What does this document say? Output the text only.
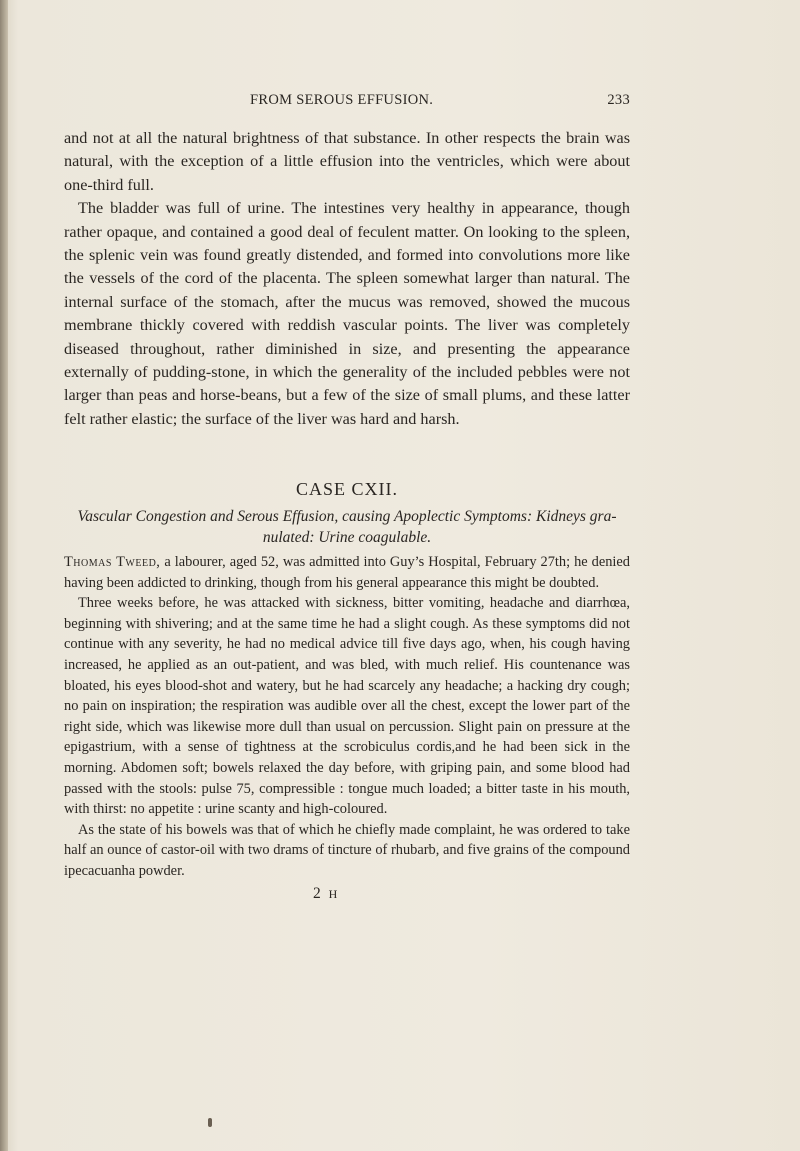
FROM SEROUS EFFUSION.	233

and not at all the natural brightness of that substance. In other respects the brain was natural, with the exception of a little effusion into the ventricles, which were about one-third full.

The bladder was full of urine. The intestines very healthy in appearance, though rather opaque, and contained a good deal of feculent matter. On looking to the spleen, the splenic vein was found greatly distended, and formed into convolutions more like the vessels of the cord of the placenta. The spleen somewhat larger than natural. The internal surface of the stomach, after the mucus was removed, showed the mucous membrane thickly covered with reddish vascular points. The liver was completely diseased throughout, rather diminished in size, and presenting the appearance externally of pudding-stone, in which the generality of the included pebbles were not larger than peas and horse-beans, but a few of the size of small plums, and these latter felt rather elastic; the surface of the liver was hard and harsh.

CASE CXII.
Vascular Congestion and Serous Effusion, causing Apoplectic Symptoms: Kidneys gra-
nulated: Urine coagulable.

Thomas Tweed, a labourer, aged 52, was admitted into Guy’s Hospital, February 27th; he denied having been addicted to drinking, though from his general appearance this might be doubted.

Three weeks before, he was attacked with sickness, bitter vomiting, headache and diarrhœa, beginning with shivering; and at the same time he had a slight cough. As these symptoms did not continue with any severity, he had no medical advice till five days ago, when, his cough having increased, he applied as an out-patient, and was bled, with much relief. His countenance was bloated, his eyes blood-shot and watery, but he had scarcely any headache; a hacking dry cough; no pain on inspiration; the respiration was audible over all the chest, except the lower part of the right side, which was likewise more dull than usual on percussion. Slight pain on pressure at the epigastrium, with a sense of tightness at the scrobiculus cordis,and he had been sick in the morning. Abdomen soft; bowels relaxed the day before, with griping pain, and some blood had passed with the stools: pulse 75, compressible : tongue much loaded; a bitter taste in his mouth, with thirst: no appetite : urine scanty and high-coloured.

As the state of his bowels was that of which he chiefly made complaint, he was ordered to take half an ounce of castor-oil with two drams of tincture of rhubarb, and five grains of the compound ipecacuanha powder.

2 H
